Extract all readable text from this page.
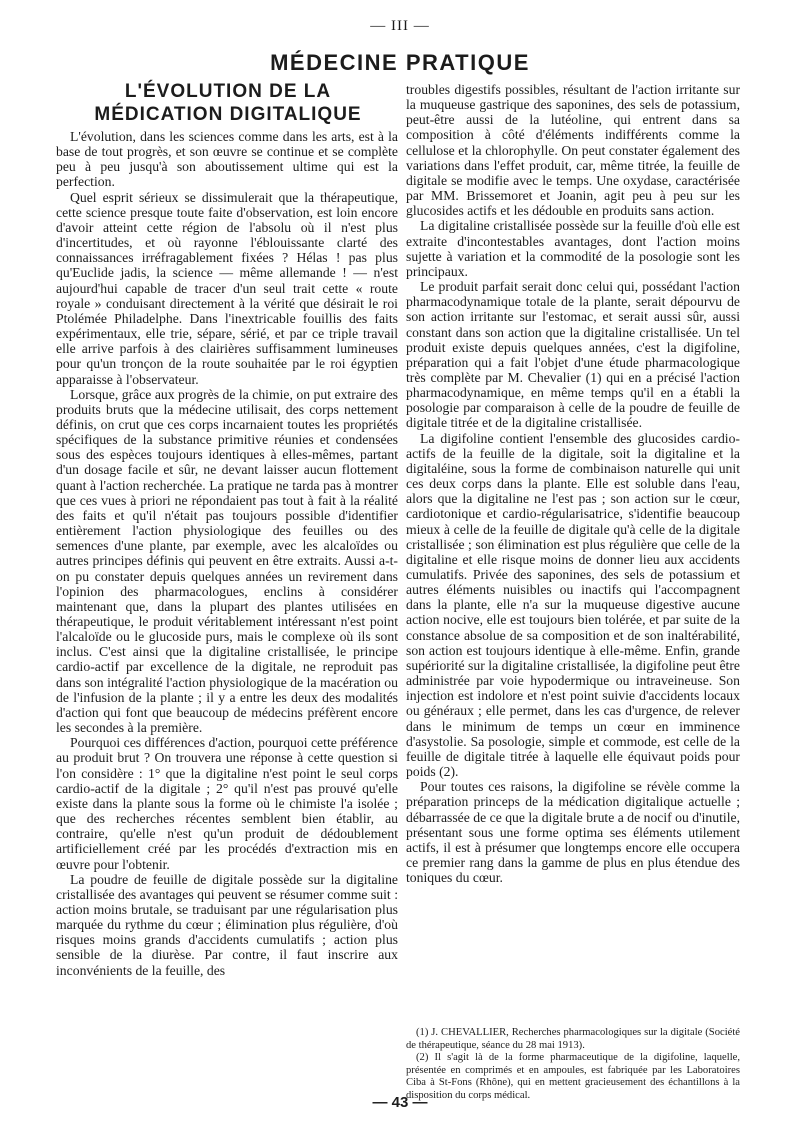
— III —
MÉDECINE PRATIQUE
L'ÉVOLUTION DE LA MÉDICATION DIGITALIQUE

L'évolution, dans les sciences comme dans les arts, est à la base de tout progrès, et son œuvre se continue et se complète peu à peu jusqu'à son aboutissement ultime qui est la perfection.

Quel esprit sérieux se dissimulerait que la thérapeutique, cette science presque toute faite d'observation, est loin encore d'avoir atteint cette région de l'absolu où il n'est plus d'incertitudes, et où rayonne l'éblouissante clarté des connaissances irréfragablement fixées ? Hélas ! pas plus qu'Euclide jadis, la science — même allemande ! — n'est aujourd'hui capable de tracer d'un seul trait cette « route royale » conduisant directement à la vérité que désirait le roi Ptolémée Philadelphe. Dans l'inextricable fouillis des faits expérimentaux, elle trie, sépare, sérié, et par ce triple travail elle arrive parfois à des clairières suffisamment lumineuses pour qu'un tronçon de la route souhaitée par le roi égyptien apparaisse à l'observateur.

Lorsque, grâce aux progrès de la chimie, on put extraire des produits bruts que la médecine utilisait, des corps nettement définis, on crut que ces corps incarnaient toutes les propriétés spécifiques de la substance primitive réunies et condensées sous des espèces toujours identiques à elles-mêmes, partant d'un dosage facile et sûr, ne devant laisser aucun flottement quant à l'action recherchée. La pratique ne tarda pas à montrer que ces vues à priori ne répondaient pas tout à fait à la réalité des faits et qu'il n'était pas toujours possible d'identifier entièrement l'action physiologique des feuilles ou des semences d'une plante, par exemple, avec les alcaloïdes ou autres principes définis qui peuvent en être extraits. Aussi a-t-on pu constater depuis quelques années un revirement dans l'opinion des pharmacologues, enclins à considérer maintenant que, dans la plupart des plantes utilisées en thérapeutique, le produit véritablement intéressant n'est point l'alcaloïde ou le glucoside purs, mais le complexe où ils sont inclus. C'est ainsi que la digitaline cristallisée, le principe cardio-actif par excellence de la digitale, ne reproduit pas dans son intégralité l'action physiologique de la macération ou de l'infusion de la plante ; il y a entre les deux des modalités d'action qui font que beaucoup de médecins préfèrent encore les secondes à la première.

Pourquoi ces différences d'action, pourquoi cette préférence au produit brut ? On trouvera une réponse à cette question si l'on considère : 1° que la digitaline n'est point le seul corps cardio-actif de la digitale ; 2° qu'il n'est pas prouvé qu'elle existe dans la plante sous la forme où le chimiste l'a isolée ; que des recherches récentes semblent bien établir, au contraire, qu'elle n'est qu'un produit de dédoublement artificiellement créé par les procédés d'extraction mis en œuvre pour l'obtenir.

La poudre de feuille de digitale possède sur la digitaline cristallisée des avantages qui peuvent se résumer comme suit : action moins brutale, se traduisant par une régularisation plus marquée du rythme du cœur ; élimination plus régulière, d'où risques moins grands d'accidents cumulatifs ; action plus sensible de la diurèse. Par contre, il faut inscrire aux inconvénients de la feuille, des

troubles digestifs possibles, résultant de l'action irritante sur la muqueuse gastrique des saponines, des sels de potassium, peut-être aussi de la lutéoline, qui entrent dans sa composition à côté d'éléments indifférents comme la cellulose et la chlorophylle. On peut constater également des variations dans l'effet produit, car, même titrée, la feuille de digitale se modifie avec le temps. Une oxydase, caractérisée par MM. Brissemoret et Joanin, agit peu à peu sur les glucosides actifs et les dédouble en produits sans action.

La digitaline cristallisée possède sur la feuille d'où elle est extraite d'incontestables avantages, dont l'action moins sujette à variation et la commodité de la posologie sont les principaux.

Le produit parfait serait donc celui qui, possédant l'action pharmacodynamique totale de la plante, serait dépourvu de son action irritante sur l'estomac, et serait aussi sûr, aussi constant dans son action que la digitaline cristallisée. Un tel produit existe depuis quelques années, c'est la digifoline, préparation qui a fait l'objet d'une étude pharmacologique très complète par M. Chevalier (1) qui en a précisé l'action pharmacodynamique, en même temps qu'il en a établi la posologie par comparaison à celle de la poudre de feuille de digitale titrée et de la digitaline cristallisée.

La digifoline contient l'ensemble des glucosides cardio-actifs de la feuille de la digitale, soit la digitaline et la digitaléine, sous la forme de combinaison naturelle qui unit ces deux corps dans la plante. Elle est soluble dans l'eau, alors que la digitaline ne l'est pas ; son action sur le cœur, cardiotonique et cardio-régularisatrice, s'identifie beaucoup mieux à celle de la feuille de digitale qu'à celle de la digitale cristallisée ; son élimination est plus régulière que celle de la digitaline et elle risque moins de donner lieu aux accidents cumulatifs. Privée des saponines, des sels de potassium et autres éléments nuisibles ou inactifs qui l'accompagnent dans la plante, elle n'a sur la muqueuse digestive aucune action nocive, elle est toujours bien tolérée, et par suite de la constance absolue de sa composition et de son inaltérabilité, son action est toujours identique à elle-même. Enfin, grande supériorité sur la digitaline cristallisée, la digifoline peut être administrée par voie hypodermique ou intraveineuse. Son injection est indolore et n'est point suivie d'accidents locaux ou généraux ; elle permet, dans les cas d'urgence, de relever dans le minimum de temps un cœur en imminence d'asystolie. Sa posologie, simple et commode, est celle de la feuille de digitale titrée à laquelle elle équivaut poids pour poids (2).

Pour toutes ces raisons, la digifoline se révèle comme la préparation princeps de la médication digitalique actuelle ; débarrassée de ce que la digitale brute a de nocif ou d'inutile, présentant sous une forme optima ses éléments utilement actifs, il est à présumer que longtemps encore elle occupera ce premier rang dans la gamme de plus en plus étendue des toniques du cœur.

(1) J. CHEVALLIER, Recherches pharmacologiques sur la digitale (Société de thérapeutique, séance du 28 mai 1913).

(2) Il s'agit là de la forme pharmaceutique de la digifoline, laquelle, présentée en comprimés et en ampoules, est fabriquée par les Laboratoires Ciba à St-Fons (Rhône), qui en mettent gracieusement des échantillons à la disposition du corps médical.

— 43 —
